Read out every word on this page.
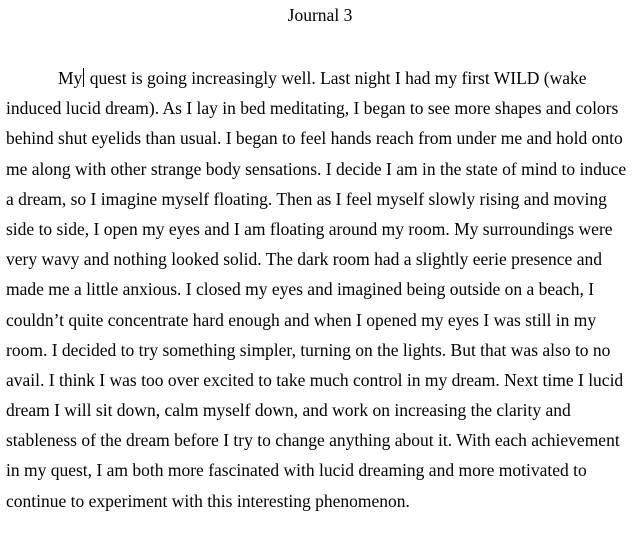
Journal 3
My quest is going increasingly well. Last night I had my first WILD (wake
induced lucid dream). As I lay in bed meditating, I began to see more shapes and colors
behind shut eyelids than usual. I began to feel hands reach from under me and hold onto
me along with other strange body sensations. I decide I am in the state of mind to induce
a dream, so I imagine myself floating. Then as I feel myself slowly rising and moving
side to side, I open my eyes and I am floating around my room. My surroundings were
very wavy and nothing looked solid. The dark room had a slightly eerie presence and
made me a little anxious. I closed my eyes and imagined being outside on a beach, I
couldn’t quite concentrate hard enough and when I opened my eyes I was still in my
room. I decided to try something simpler, turning on the lights. But that was also to no
avail. I think I was too over excited to take much control in my dream. Next time I lucid
dream I will sit down, calm myself down, and work on increasing the clarity and
stableness of the dream before I try to change anything about it. With each achievement
in my quest, I am both more fascinated with lucid dreaming and more motivated to
continue to experiment with this interesting phenomenon.
